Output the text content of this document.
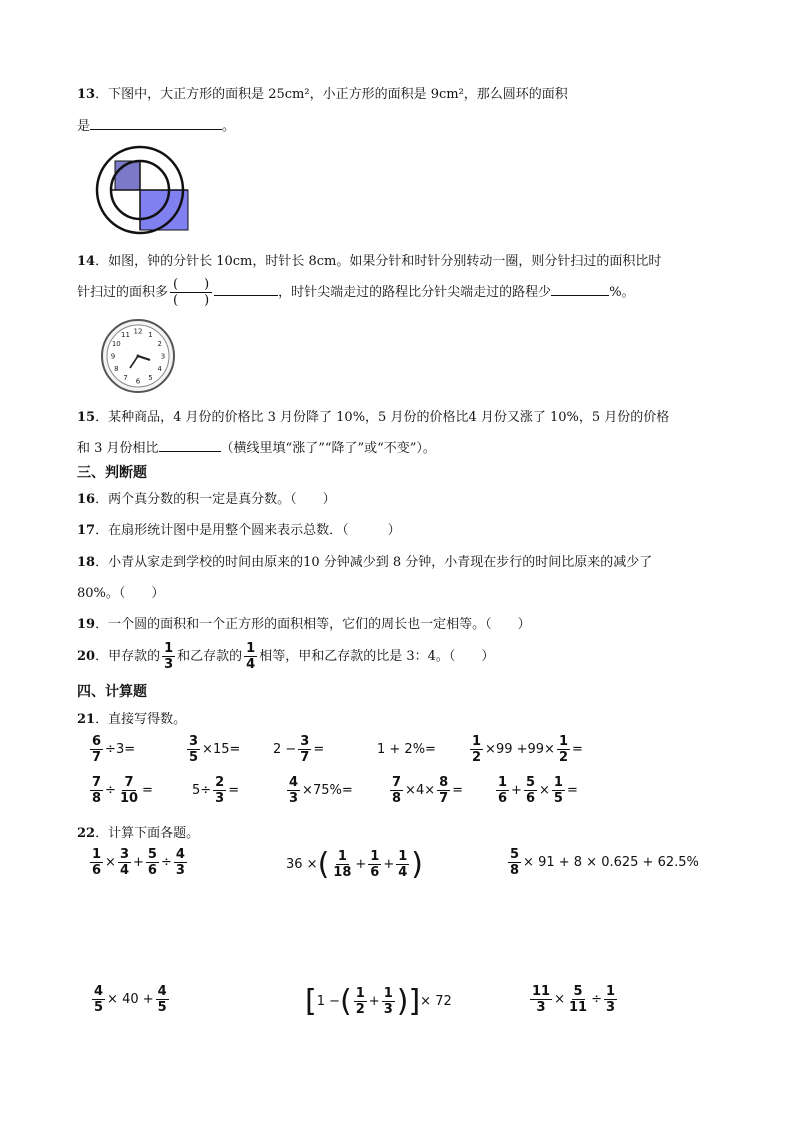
13．下图中，大正方形的面积是 25cm²，小正方形的面积是 9cm²，那么圆环的面积
是	。
14．如图，钟的分针长 10cm，时针长 8cm。如果分针和时针分别转动一圈，则分针扫过的面积比时
针扫过的面积多 $\frac{( )}{( )}$	，时针尖端走过的路程比分针尖端走过的路程少	%。
12 1
2
3
4
5
6
7
8
9
10
11
15．某种商品，4 月份的价格比 3 月份降了 10%，5 月份的价格比4 月份又涨了 10%，5 月份的价格
和 3 月份相比	（横线里填“涨了”“降了”或“不变”）。
三、判断题
16．两个真分数的积一定是真分数。（　　）
17．在扇形统计图中是用整个圆来表示总数．（　　　）
18．小青从家走到学校的时间由原来的10 分钟减少到 8 分钟，小青现在步行的时间比原来的减少了
80%。（　　）
19．一个圆的面积和一个正方形的面积相等，它们的周长也一定相等。（　　）
20．甲存款的 $\frac{1}{3}$ 和乙存款的 $\frac{1}{4}$ 相等，甲和乙存款的比是 3：4。（　　）
四、计算题
21．直接写得数。
$\frac{6}{7} \div 3=$	$\frac{3}{5} \times 15=$	$2 - \frac{3}{7}$ =	1 + 2%=	$\frac{1}{2} \times 99 +99\times \frac{1}{2}$ =
$\frac{7}{8} \div \frac{7}{10}$ =	$5\div \frac{2}{3}$ =	$\frac{4}{3} \times 75\%=$	$\frac{7}{8} \times 4\times \frac{8}{7}$ =	$\frac{1}{6} + \frac{5}{6} \times \frac{1}{5}$ =
22．计算下面各题。
$\frac{1}{6} \times \frac{3}{4} + \frac{5}{6} \div \frac{4}{3}$	36 ×( $\frac{1}{18} + \frac{1}{6} + \frac{1}{4}$ )	$\frac{5}{8} \times 91 + 8 \times 0.625 + 62.5\%$
$\frac{4}{5} \times 40 + \frac{4}{5}$	[1 −( $\frac{1}{2} + \frac{1}{3}$ )]× 72	$\frac{11}{3} \times \frac{5}{11} \div \frac{1}{3}$
